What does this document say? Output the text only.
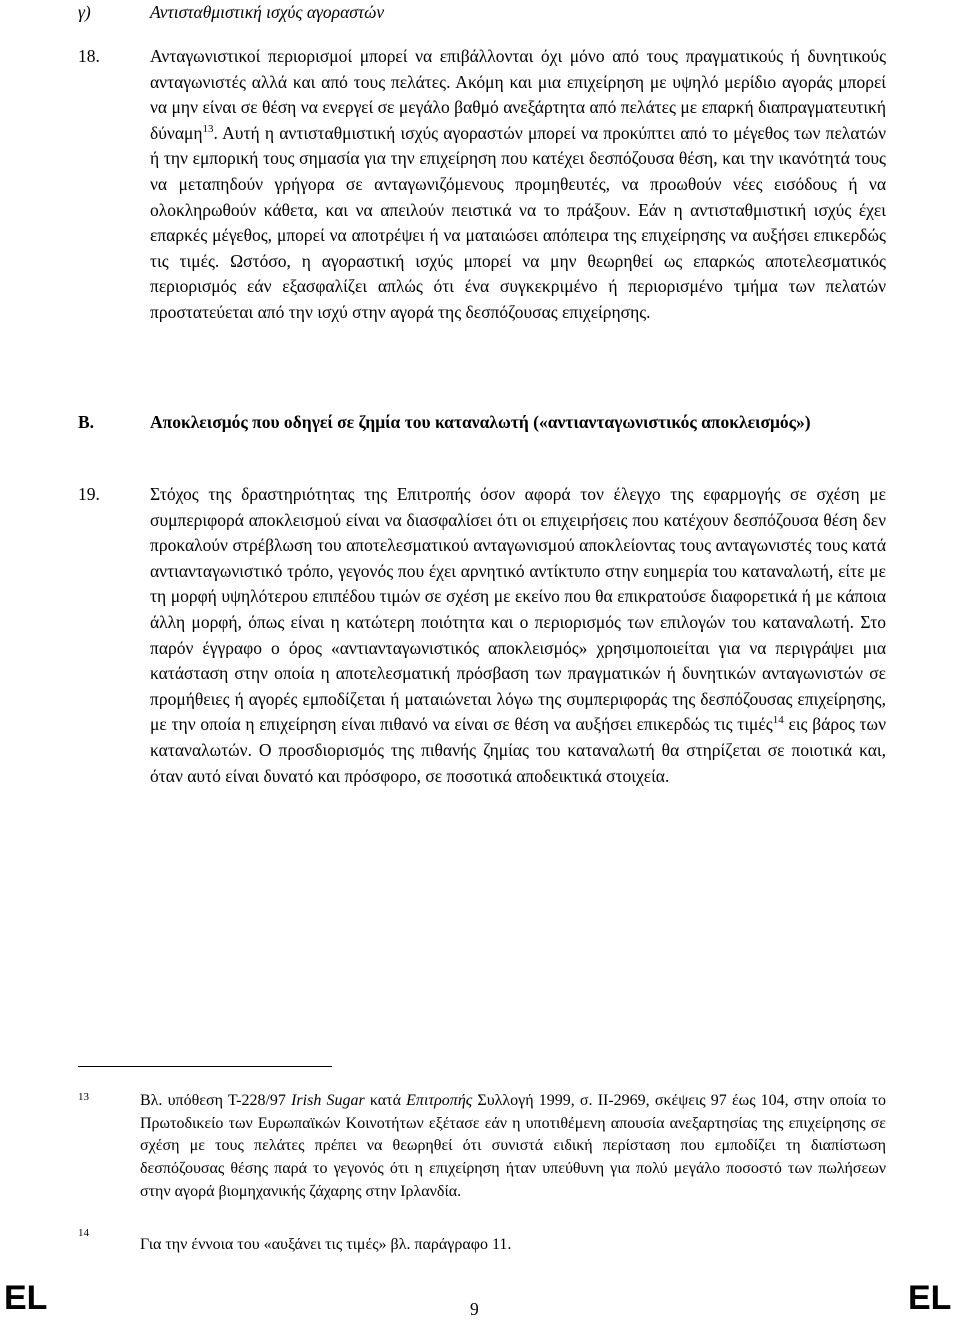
γ)	Αντισταθμιστική ισχύς αγοραστών
18.	Ανταγωνιστικοί περιορισμοί μπορεί να επιβάλλονται όχι μόνο από τους πραγματικούς ή δυνητικούς ανταγωνιστές αλλά και από τους πελάτες. Ακόμη και μια επιχείρηση με υψηλό μερίδιο αγοράς μπορεί να μην είναι σε θέση να ενεργεί σε μεγάλο βαθμό ανεξάρτητα από πελάτες με επαρκή διαπραγματευτική δύναμη$^{13}$. Αυτή η αντισταθμιστική ισχύς αγοραστών μπορεί να προκύπτει από το μέγεθος των πελατών ή την εμπορική τους σημασία για την επιχείρηση που κατέχει δεσπόζουσα θέση, και την ικανότητά τους να μεταπηδούν γρήγορα σε ανταγωνιζόμενους προμηθευτές, να προωθούν νέες εισόδους ή να ολοκληρωθούν κάθετα, και να απειλούν πειστικά να το πράξουν. Εάν η αντισταθμιστική ισχύς έχει επαρκές μέγεθος, μπορεί να αποτρέψει ή να ματαιώσει απόπειρα της επιχείρησης να αυξήσει επικερδώς τις τιμές. Ωστόσο, η αγοραστική ισχύς μπορεί να μην θεωρηθεί ως επαρκώς αποτελεσματικός περιορισμός εάν εξασφαλίζει απλώς ότι ένα συγκεκριμένο ή περιορισμένο τμήμα των πελατών προστατεύεται από την ισχύ στην αγορά της δεσπόζουσας επιχείρησης.
B.	Αποκλεισμός που οδηγεί σε ζημία του καταναλωτή («αντιανταγωνιστικός αποκλεισμός»)
19.	Στόχος της δραστηριότητας της Επιτροπής όσον αφορά τον έλεγχο της εφαρμογής σε σχέση με συμπεριφορά αποκλεισμού είναι να διασφαλίσει ότι οι επιχειρήσεις που κατέχουν δεσπόζουσα θέση δεν προκαλούν στρέβλωση του αποτελεσματικού ανταγωνισμού αποκλείοντας τους ανταγωνιστές τους κατά αντιανταγωνιστικό τρόπο, γεγονός που έχει αρνητικό αντίκτυπο στην ευημερία του καταναλωτή, είτε με τη μορφή υψηλότερου επιπέδου τιμών σε σχέση με εκείνο που θα επικρατούσε διαφορετικά ή με κάποια άλλη μορφή, όπως είναι η κατώτερη ποιότητα και ο περιορισμός των επιλογών του καταναλωτή. Στο παρόν έγγραφο ο όρος «αντιανταγωνιστικός αποκλεισμός» χρησιμοποιείται για να περιγράψει μια κατάσταση στην οποία η αποτελεσματική πρόσβαση των πραγματικών ή δυνητικών ανταγωνιστών σε προμήθειες ή αγορές εμποδίζεται ή ματαιώνεται λόγω της συμπεριφοράς της δεσπόζουσας επιχείρησης, με την οποία η επιχείρηση είναι πιθανό να είναι σε θέση να αυξήσει επικερδώς τις τιμές$^{14}$ εις βάρος των καταναλωτών. Ο προσδιορισμός της πιθανής ζημίας του καταναλωτή θα στηρίζεται σε ποιοτικά και, όταν αυτό είναι δυνατό και πρόσφορο, σε ποσοτικά αποδεικτικά στοιχεία.
13	Βλ. υπόθεση Τ-228/97 Irish Sugar κατά Επιτροπής Συλλογή 1999, σ. II-2969, σκέψεις 97 έως 104, στην οποία το Πρωτοδικείο των Ευρωπαϊκών Κοινοτήτων εξέτασε εάν η υποτιθέμενη απουσία ανεξαρτησίας της επιχείρησης σε σχέση με τους πελάτες πρέπει να θεωρηθεί ότι συνιστά ειδική περίσταση που εμποδίζει τη διαπίστωση δεσπόζουσας θέσης παρά το γεγονός ότι η επιχείρηση ήταν υπεύθυνη για πολύ μεγάλο ποσοστό των πωλήσεων στην αγορά βιομηχανικής ζάχαρης στην Ιρλανδία.
14
Για την έννοια του «αυξάνει τις τιμές» βλ. παράγραφο 11.
EL	9	EL
